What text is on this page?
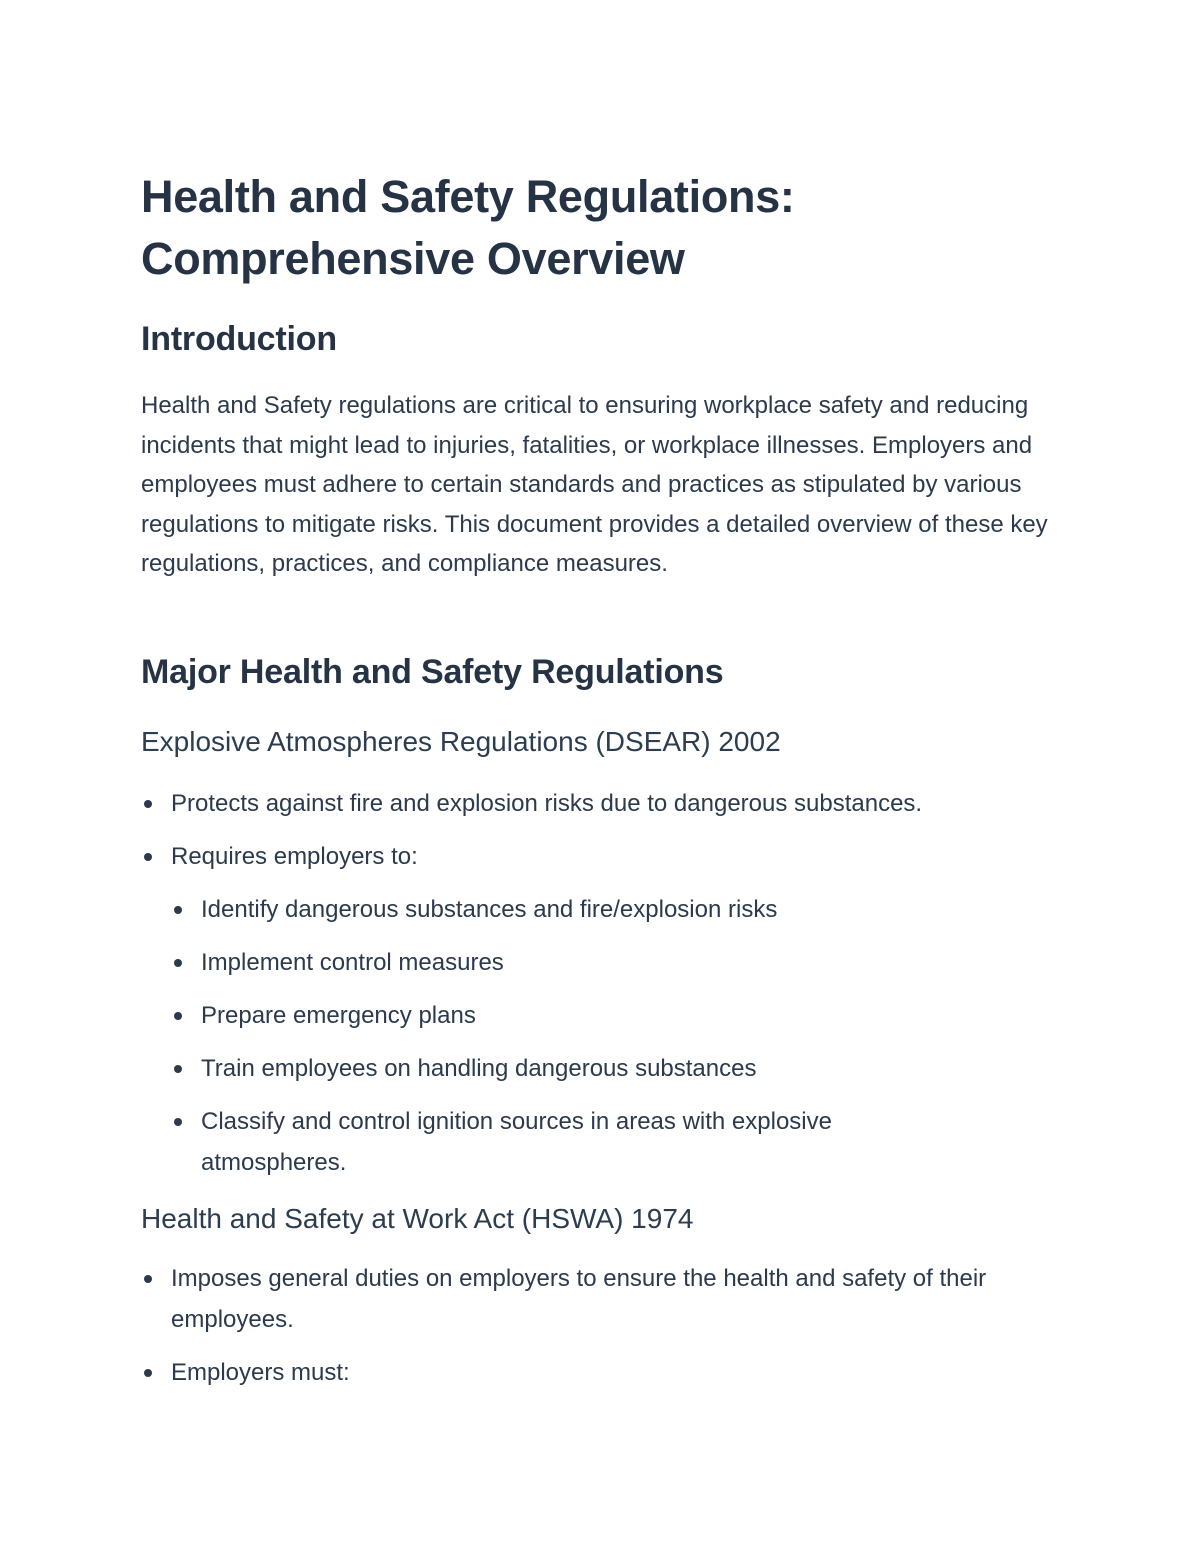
Health and Safety Regulations: Comprehensive Overview
Introduction

Health and Safety regulations are critical to ensuring workplace safety and reducing incidents that might lead to injuries, fatalities, or workplace illnesses. Employers and employees must adhere to certain standards and practices as stipulated by various regulations to mitigate risks. This document provides a detailed overview of these key regulations, practices, and compliance measures.

Major Health and Safety Regulations
Explosive Atmospheres Regulations (DSEAR) 2002
Protects against fire and explosion risks due to dangerous substances.
Requires employers to:
Identify dangerous substances and fire/explosion risks
Implement control measures
Prepare emergency plans
Train employees on handling dangerous substances
Classify and control ignition sources in areas with explosive atmospheres.
Health and Safety at Work Act (HSWA) 1974
Imposes general duties on employers to ensure the health and safety of their employees.
Employers must:
